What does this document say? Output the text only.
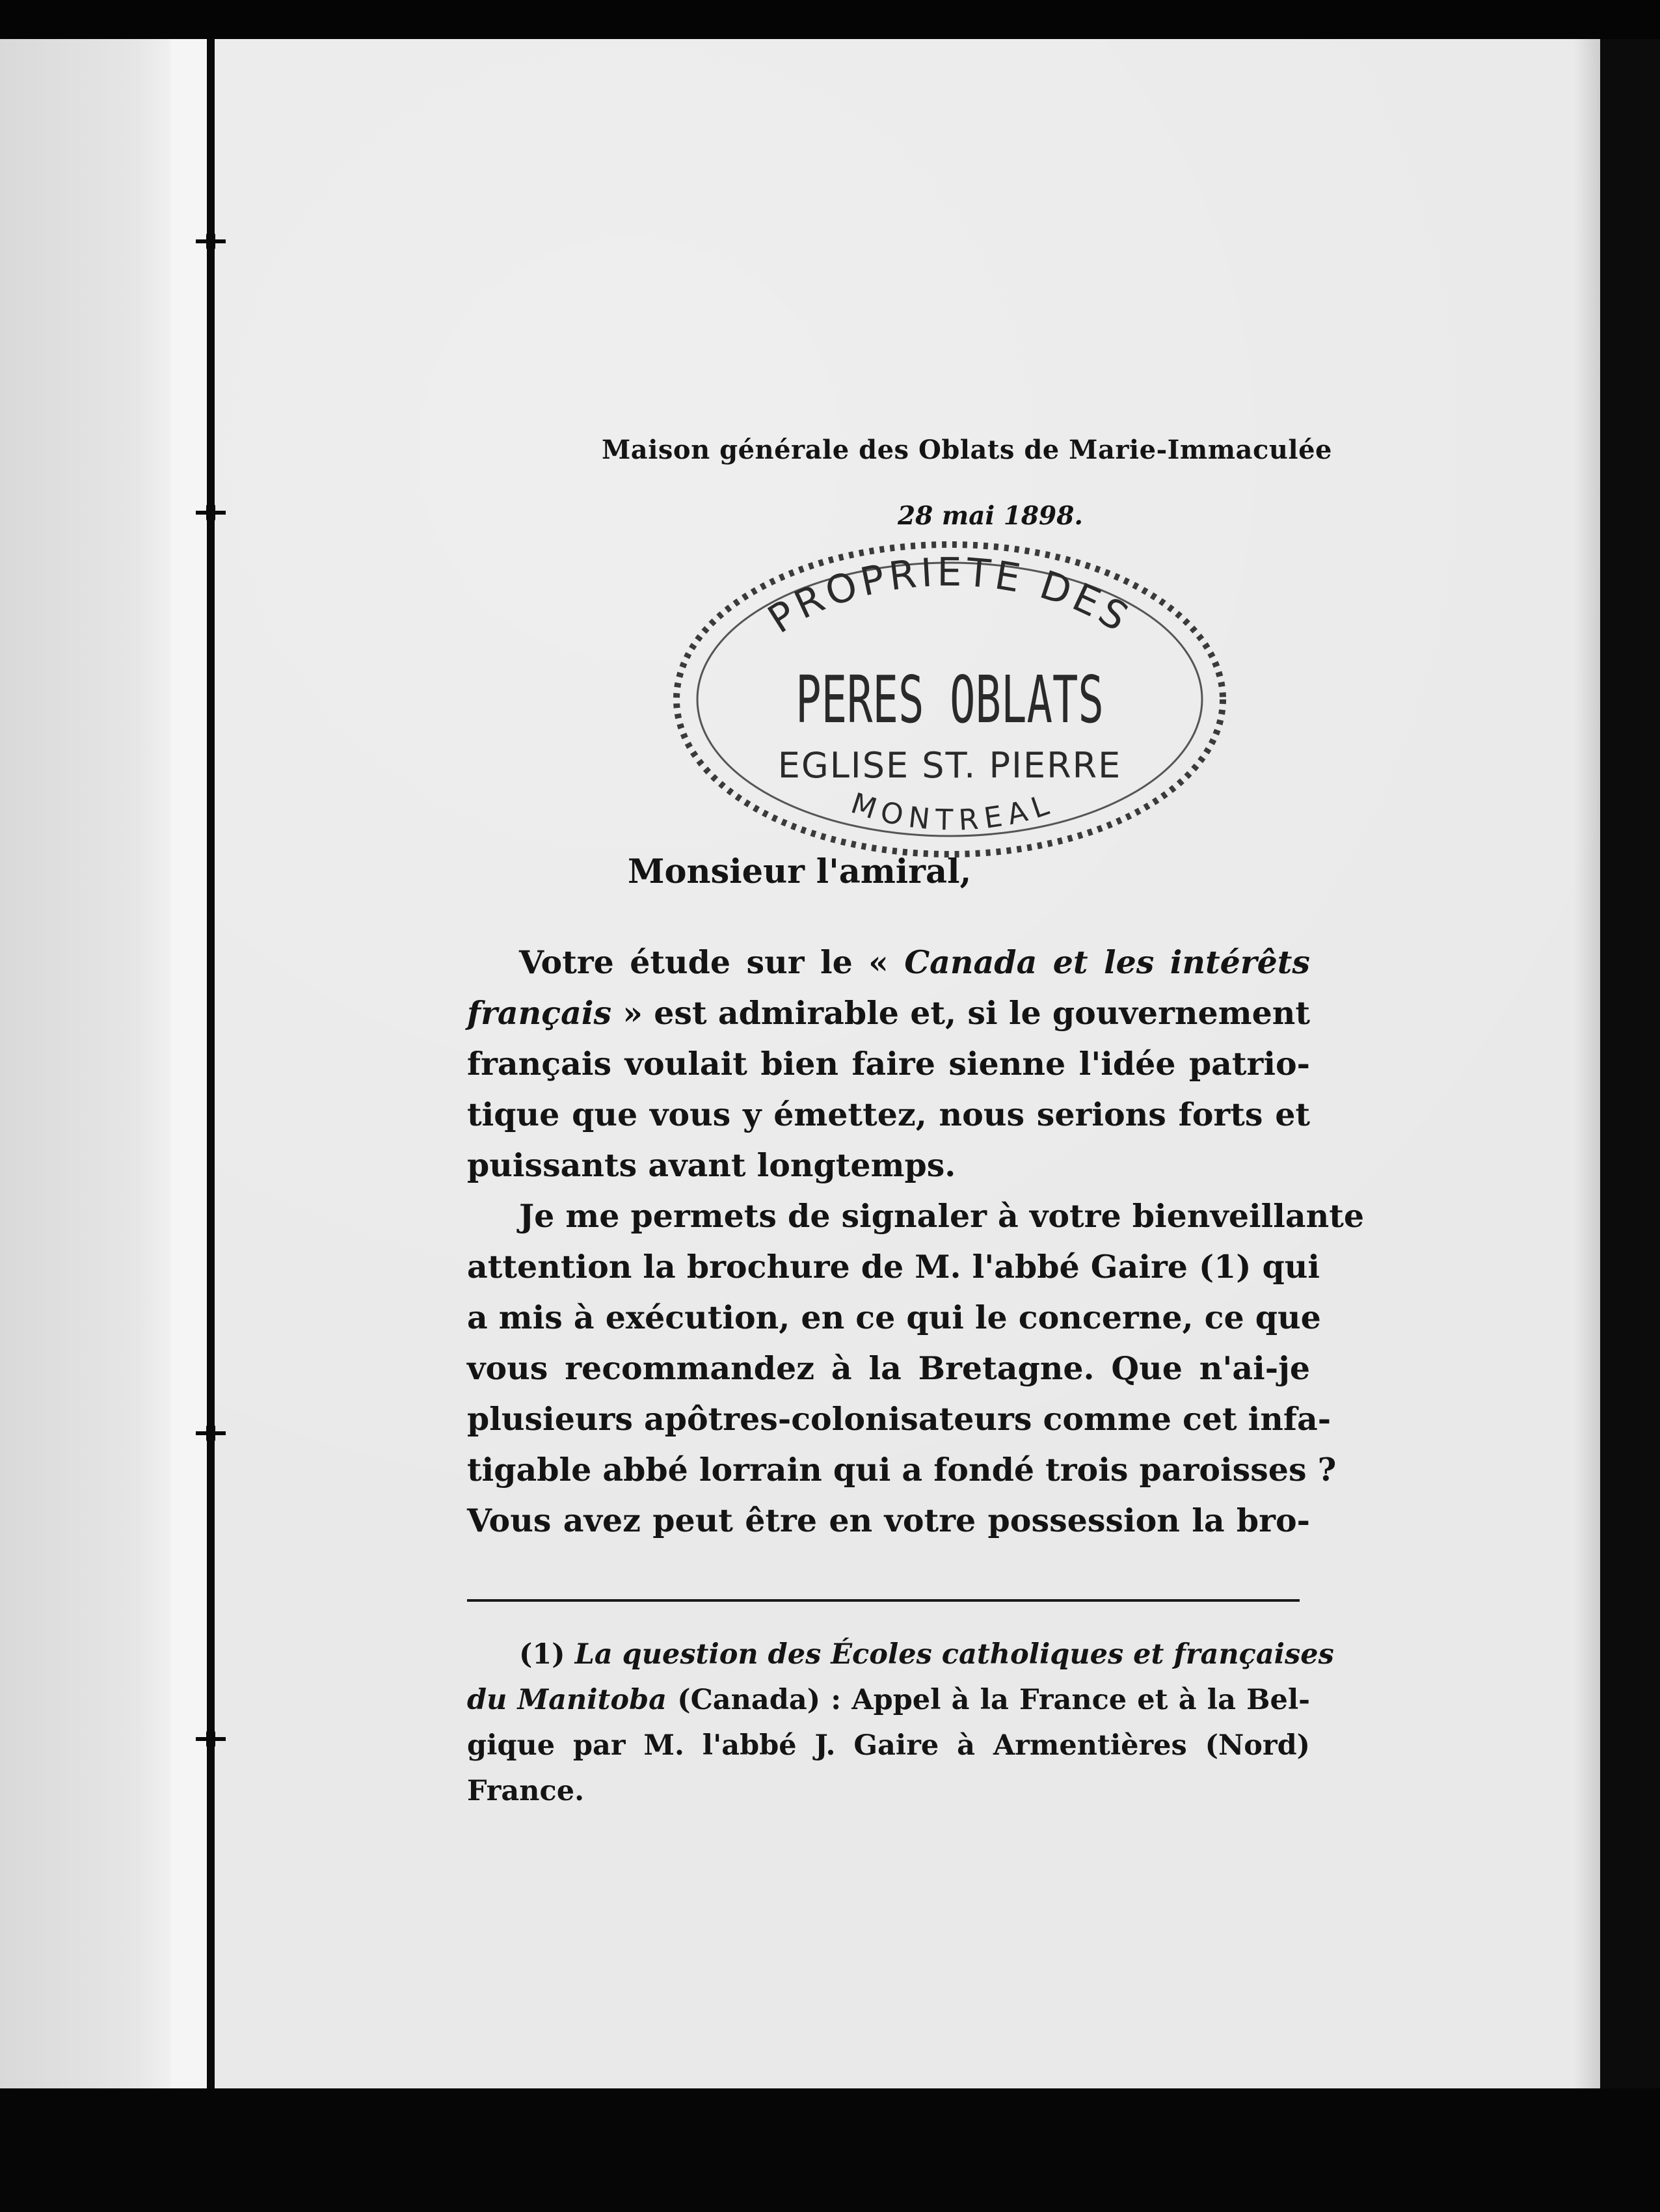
Maison générale des Oblats de Marie-Immaculée
28 mai 1898.
PROPRIETE DES
PERES OBLATS
EGLISE ST. PIERRE
MONTREAL
Monsieur l'amiral,
Votre étude sur le « Canada et les intérêts
français » est admirable et, si le gouvernement
français voulait bien faire sienne l'idée patrio-
tique que vous y émettez, nous serions forts et
puissants avant longtemps.
Je me permets de signaler à votre bienveillante
attention la brochure de M. l'abbé Gaire (1) qui
a mis à exécution, en ce qui le concerne, ce que
vous recommandez à la Bretagne. Que n'ai-je
plusieurs apôtres-colonisateurs comme cet infa-
tigable abbé lorrain qui a fondé trois paroisses ?
Vous avez peut être en votre possession la bro-
(1) La question des Écoles catholiques et françaises
du Manitoba (Canada) : Appel à la France et à la Bel-
gique par M. l'abbé J. Gaire à Armentières (Nord)
France.
